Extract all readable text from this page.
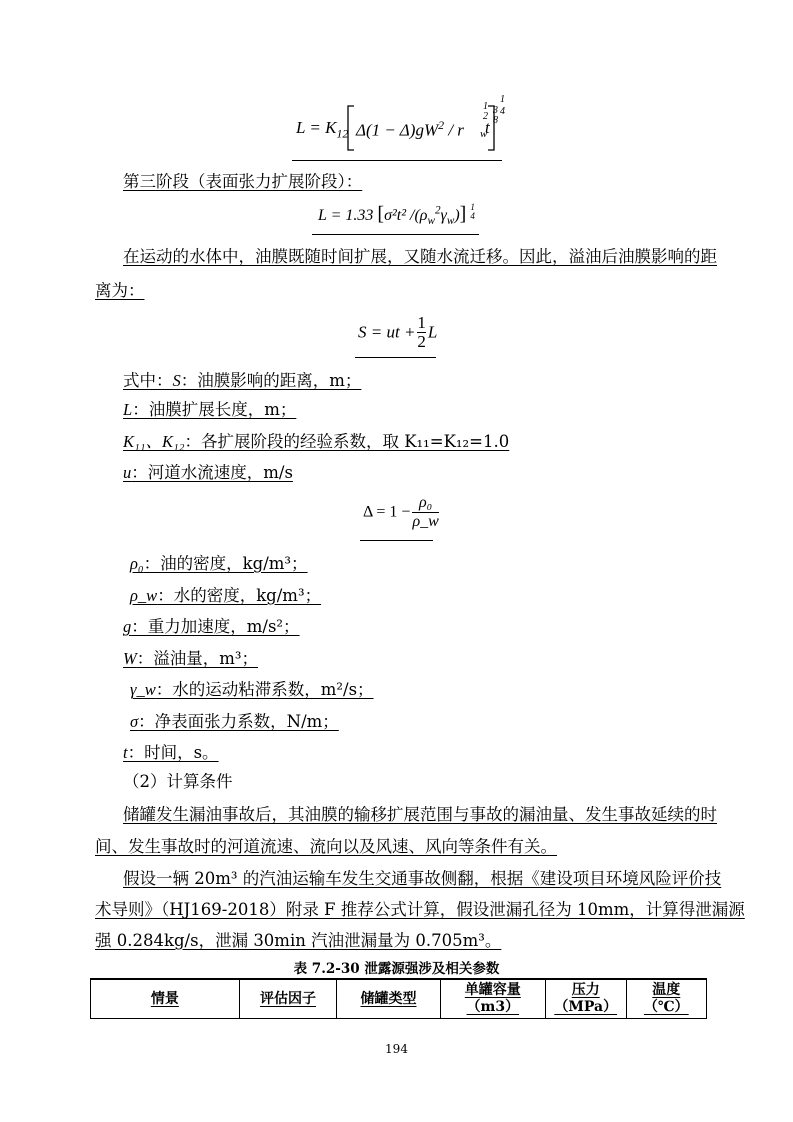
$L = K_{12}$ $\Delta(1 - \Delta)gW^2 / r$ w
1
2
1
4
t
3
8
第三阶段（表面张力扩展阶段）：
L = 1.33 [σ²t² $/(\rho_w^2\gamma_w)$] 1
4
在运动的水体中，油膜既随时间扩展，又随水流迁移。因此，溢油后油膜影响的距
离为：
S = ut + $\frac{1}{2}$ L
式中：S：油膜影响的距离，m；
L：油膜扩展长度，m；
K₁₁、K₁₂：各扩展阶段的经验系数，取 K₁₁=K₁₂=1.0
u：河道水流速度，m/s
$\Delta = 1 - \frac{\text{ρ₀}}{\rho\_w}$
ρ₀：油的密度，kg/m³；
ρ_w：水的密度，kg/m³；
g：重力加速度，m/s²；
W：溢油量，m³；
γ_w：水的运动粘滞系数，m²/s；
σ：净表面张力系数，N/m；
t：时间，s。
（2）计算条件
储罐发生漏油事故后，其油膜的输移扩展范围与事故的漏油量、发生事故延续的时
间、发生事故时的河道流速、流向以及风速、风向等条件有关。
假设一辆 20m³ 的汽油运输车发生交通事故侧翻，根据《建设项目环境风险评价技
术导则》（HJ169-2018）附录 F 推荐公式计算，假设泄漏孔径为 10mm，计算得泄漏源
强 0.284kg/s，泄漏 30min 汽油泄漏量为 0.705m³。
表 7.2-30 泄露源强涉及相关参数
情景	评估因子	储罐类型	单罐容量
（m3）	压力
（MPa）	温度
（℃）
194
